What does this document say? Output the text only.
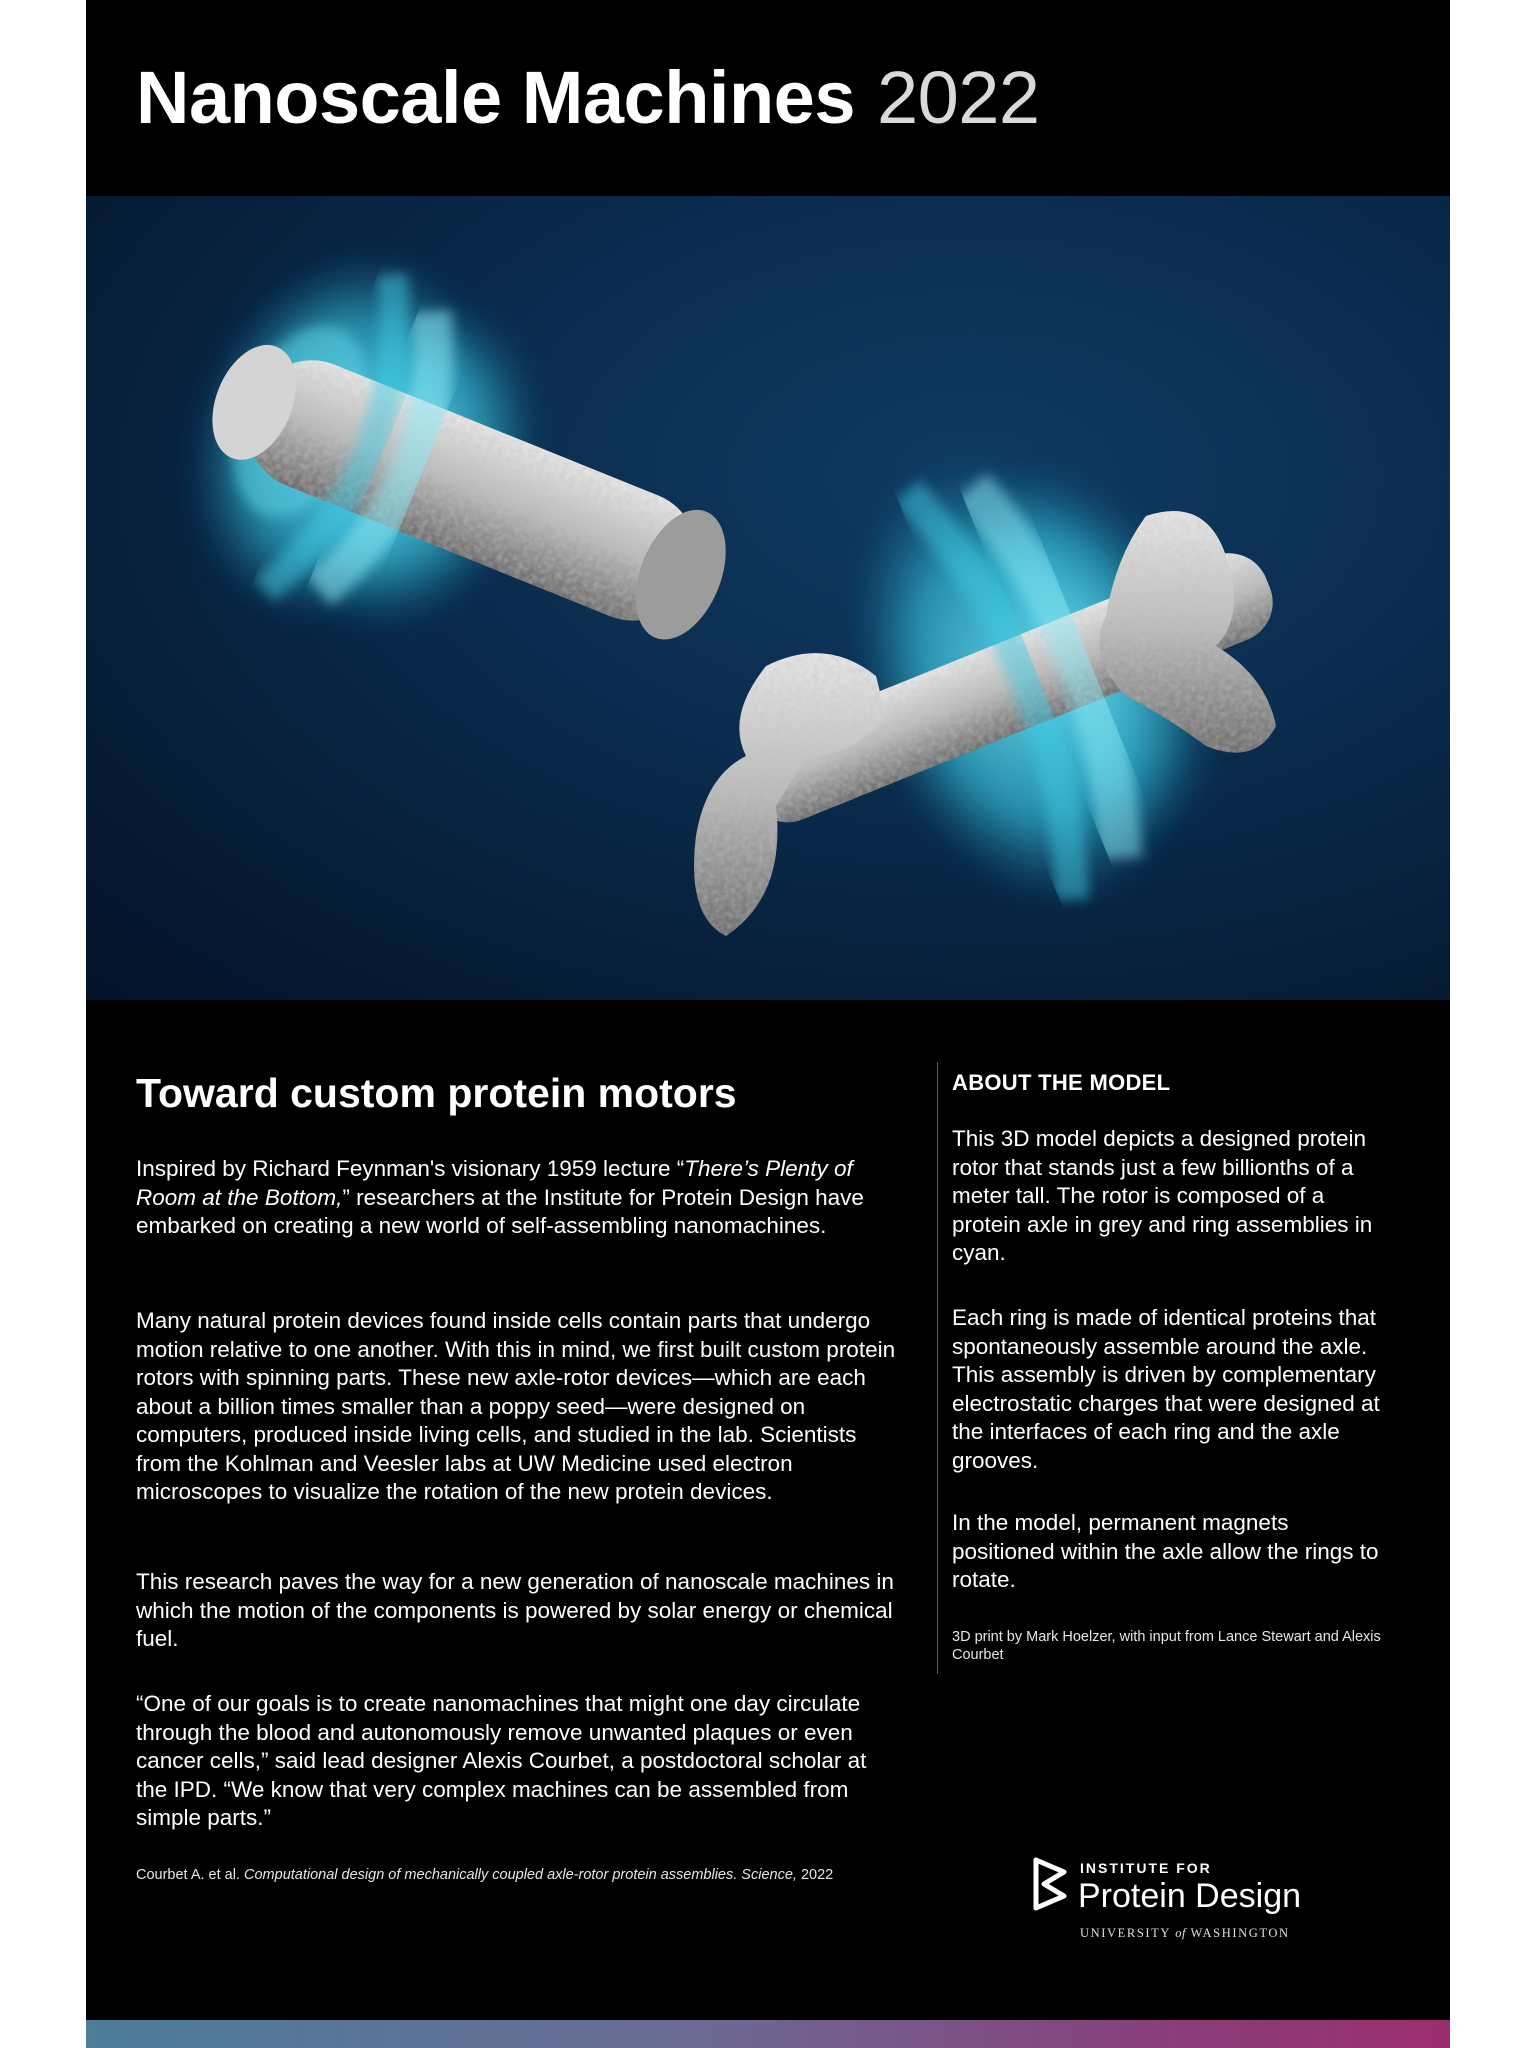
Nanoscale Machines 2022
Toward custom protein motors

Inspired by Richard Feynman's visionary 1959 lecture “There’s Plenty of Room at the Bottom,” researchers at the Institute for Protein Design have embarked on creating a new world of self-assembling nanomachines.

Many natural protein devices found inside cells contain parts that undergo motion relative to one another. With this in mind, we first built custom protein rotors with spinning parts. These new axle-rotor devices—which are each about a billion times smaller than a poppy seed—were designed on computers, produced inside living cells, and studied in the lab. Scientists from the Kohlman and Veesler labs at UW Medicine used electron microscopes to visualize the rotation of the new protein devices.

This research paves the way for a new generation of nanoscale machines in which the motion of the components is powered by solar energy or chemical fuel.

“One of our goals is to create nanomachines that might one day circulate through the blood and autonomously remove unwanted plaques or even cancer cells,” said lead designer Alexis Courbet, a postdoctoral scholar at the IPD. “We know that very complex machines can be assembled from simple parts.”

Courbet A. et al. Computational design of mechanically coupled axle-rotor protein assemblies. Science, 2022

ABOUT THE MODEL

This 3D model depicts a designed protein rotor that stands just a few billionths of a meter tall. The rotor is composed of a protein axle in grey and ring assemblies in cyan.

Each ring is made of identical proteins that spontaneously assemble around the axle. This assembly is driven by complementary electrostatic charges that were designed at the interfaces of each ring and the axle grooves.

In the model, permanent magnets positioned within the axle allow the rings to rotate.

3D print by Mark Hoelzer, with input from Lance Stewart and Alexis Courbet

INSTITUTE FOR
Protein Design
UNIVERSITY of WASHINGTON
